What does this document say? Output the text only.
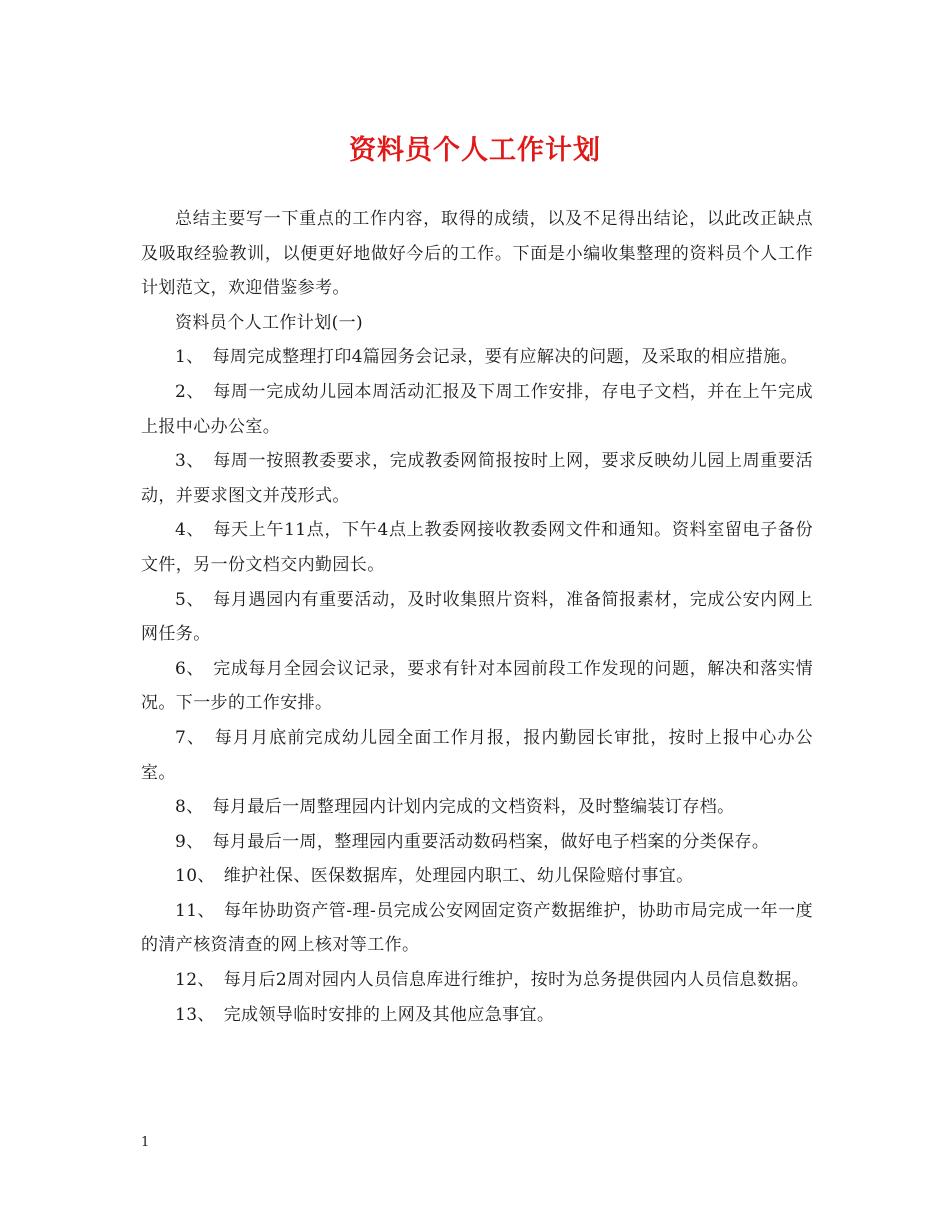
资料员个人工作计划

总结主要写一下重点的工作内容，取得的成绩，以及不足得出结论，以此改正缺点及吸取经验教训，以便更好地做好今后的工作。下面是小编收集整理的资料员个人工作计划范文，欢迎借鉴参考。

资料员个人工作计划(一)

1、　每周完成整理打印4篇园务会记录，要有应解决的问题，及采取的相应措施。

2、　每周一完成幼儿园本周活动汇报及下周工作安排，存电子文档，并在上午完成上报中心办公室。

3、　每周一按照教委要求，完成教委网简报按时上网，要求反映幼儿园上周重要活动，并要求图文并茂形式。

4、　每天上午11点，下午4点上教委网接收教委网文件和通知。资料室留电子备份文件，另一份文档交内勤园长。

5、　每月遇园内有重要活动，及时收集照片资料，准备简报素材，完成公安内网上网任务。

6、　完成每月全园会议记录，要求有针对本园前段工作发现的问题，解决和落实情况。下一步的工作安排。

7、　每月月底前完成幼儿园全面工作月报，报内勤园长审批，按时上报中心办公室。

8、　每月最后一周整理园内计划内完成的文档资料，及时整编装订存档。

9、　每月最后一周，整理园内重要活动数码档案，做好电子档案的分类保存。

10、　维护社保、医保数据库，处理园内职工、幼儿保险赔付事宜。

11、　每年协助资产管-理-员完成公安网固定资产数据维护，协助市局完成一年一度的清产核资清查的网上核对等工作。

12、　每月后2周对园内人员信息库进行维护，按时为总务提供园内人员信息数据。

13、　完成领导临时安排的上网及其他应急事宜。

1
